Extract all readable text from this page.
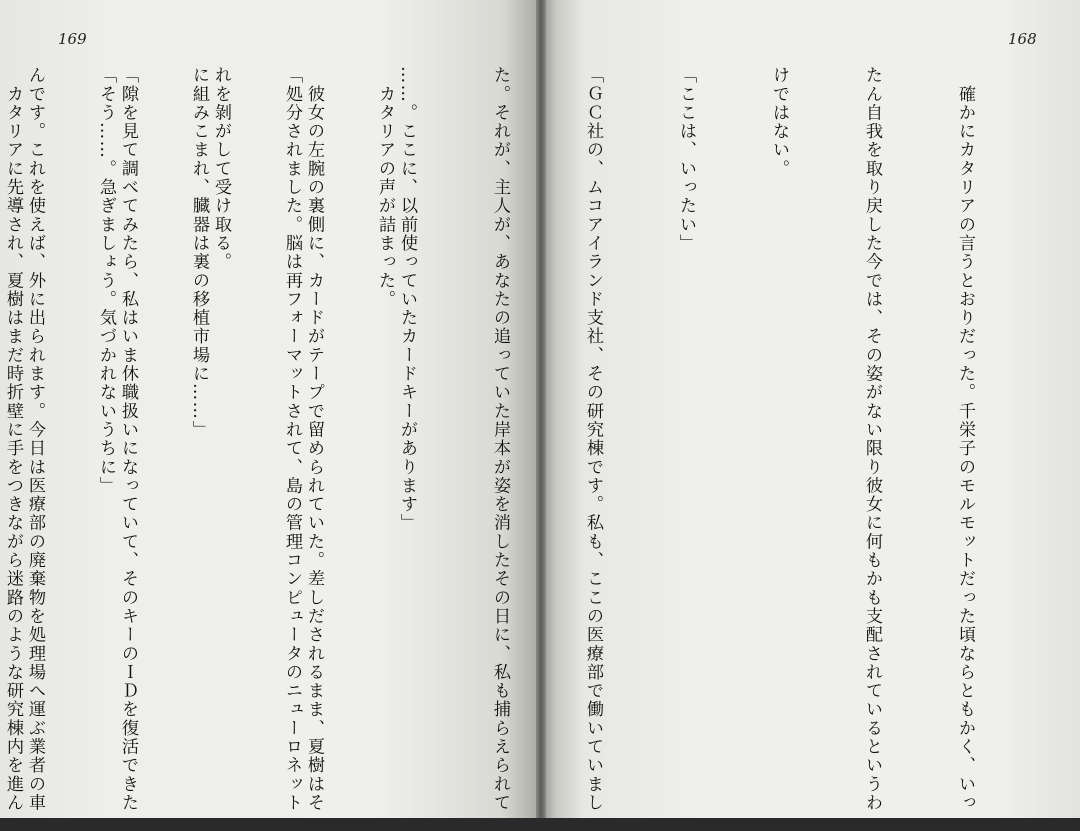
169

　カタリアの声が詰まった。

「処分されました。脳は再フォーマットされて、島の管理コンピュータのニューロネット

に組みこまれ、臓器は裏の移植市場に……」

「そう……。急ぎましょう。気づかれないうちに」

　カタリアに先導され、夏樹はまだ時折壁に手をつきながら迷路のような研究棟内を進ん

168

　確かにカタリアの言うとおりだった。千栄子のモルモットだった頃ならともかく、いっ

たん自我を取り戻した今では、その姿がない限り彼女に何もかも支配されているというわ

けではない。

「ここは、いったい」

「ＧＣ社の、ムコアイランド支社、その研究棟です。私も、ここの医療部で働いていまし

た。それが、主人が、あなたの追っていた岸本が姿を消したその日に、私も捕らえられて

……。ここに、以前使っていたカードキーがあります」

　彼女の左腕の裏側に、カードがテープで留められていた。差しだされるまま、夏樹はそ

れを剝がして受け取る。

「隙を見て調べてみたら、私はいま休職扱いになっていて、そのキーのＩＤを復活できた

んです。これを使えば、外に出られます。今日は医療部の廃棄物を処理場へ運ぶ業者の車
